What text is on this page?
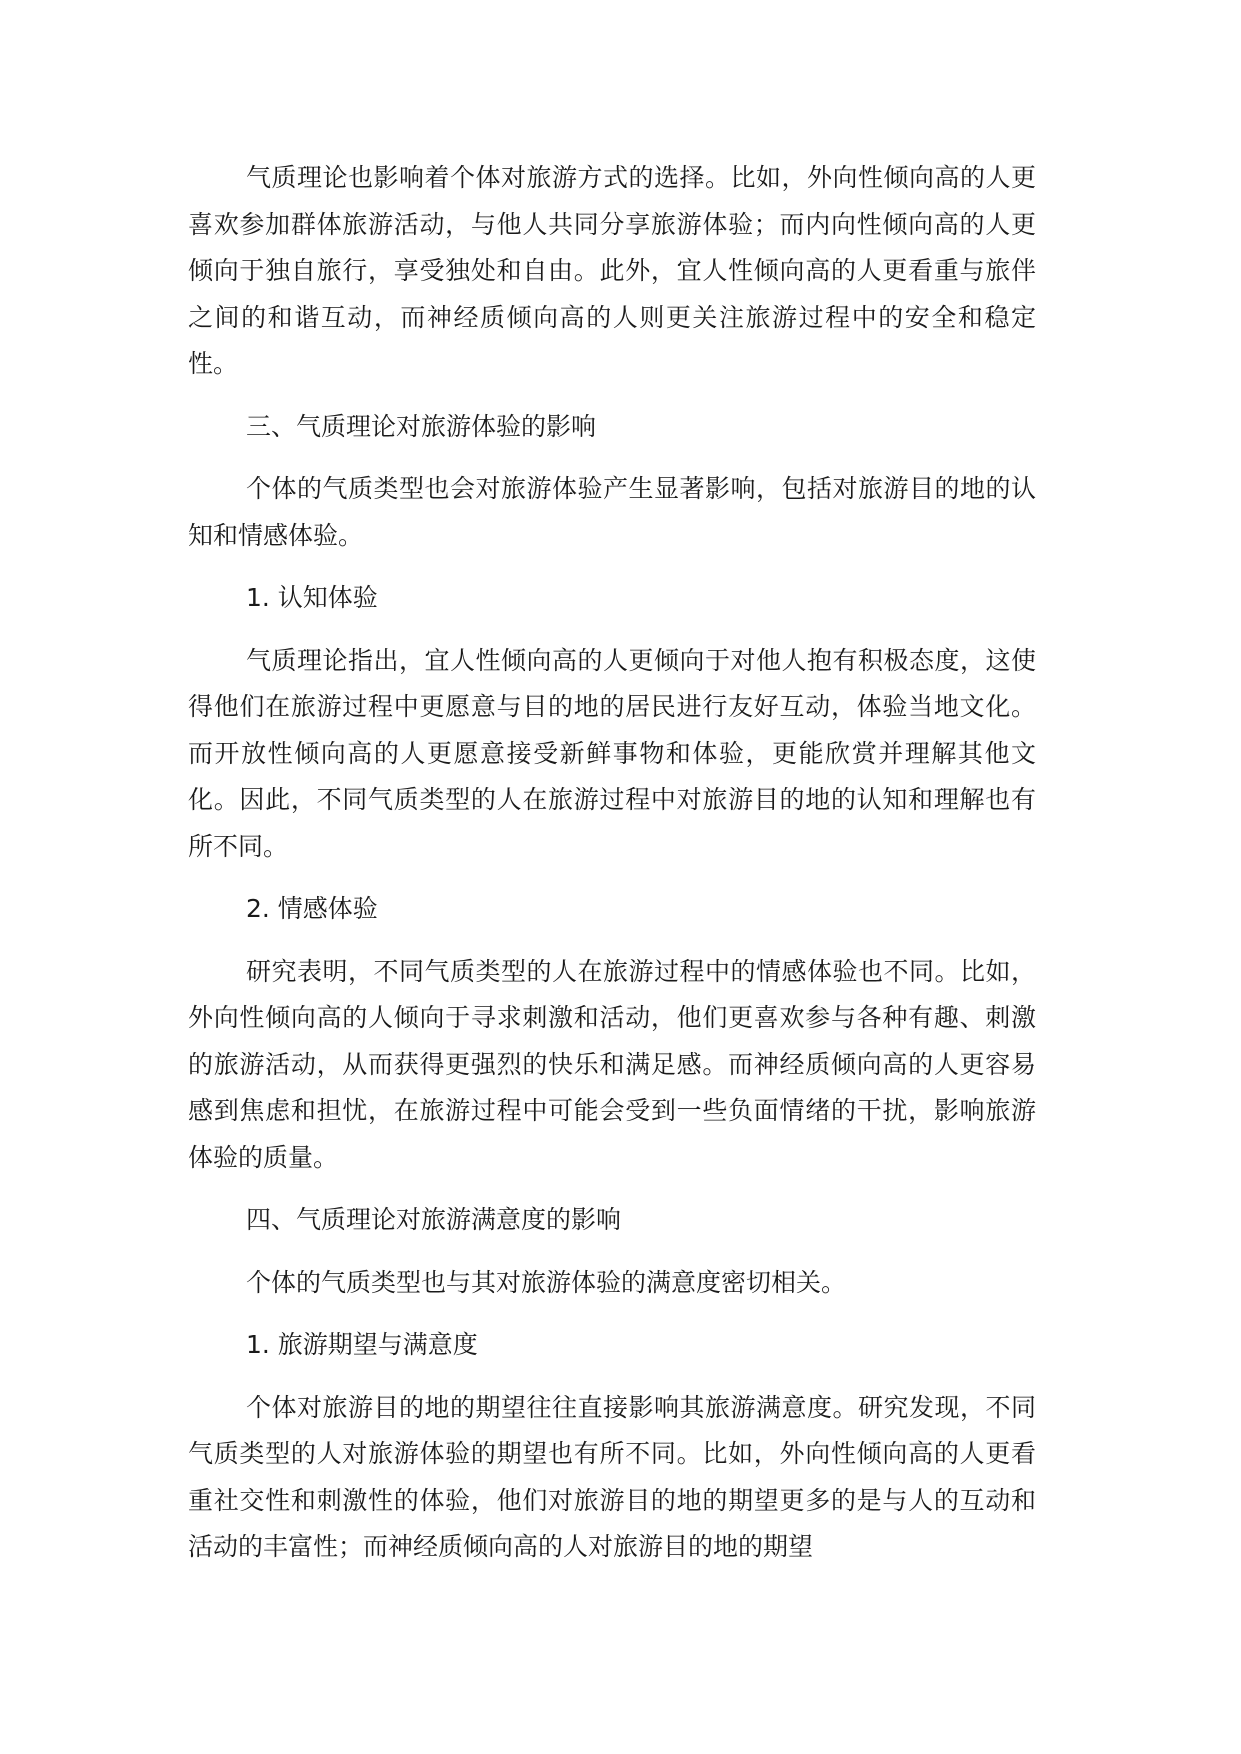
气质理论也影响着个体对旅游方式的选择。比如，外向性倾向高的人更喜欢参加群体旅游活动，与他人共同分享旅游体验；而内向性倾向高的人更倾向于独自旅行，享受独处和自由。此外，宜人性倾向高的人更看重与旅伴之间的和谐互动，而神经质倾向高的人则更关注旅游过程中的安全和稳定性。

三、气质理论对旅游体验的影响

个体的气质类型也会对旅游体验产生显著影响，包括对旅游目的地的认知和情感体验。

1. 认知体验

气质理论指出，宜人性倾向高的人更倾向于对他人抱有积极态度，这使得他们在旅游过程中更愿意与目的地的居民进行友好互动，体验当地文化。而开放性倾向高的人更愿意接受新鲜事物和体验，更能欣赏并理解其他文化。因此，不同气质类型的人在旅游过程中对旅游目的地的认知和理解也有所不同。

2. 情感体验

研究表明，不同气质类型的人在旅游过程中的情感体验也不同。比如，外向性倾向高的人倾向于寻求刺激和活动，他们更喜欢参与各种有趣、刺激的旅游活动，从而获得更强烈的快乐和满足感。而神经质倾向高的人更容易感到焦虑和担忧，在旅游过程中可能会受到一些负面情绪的干扰，影响旅游体验的质量。

四、气质理论对旅游满意度的影响

个体的气质类型也与其对旅游体验的满意度密切相关。

1. 旅游期望与满意度

个体对旅游目的地的期望往往直接影响其旅游满意度。研究发现，不同气质类型的人对旅游体验的期望也有所不同。比如，外向性倾向高的人更看重社交性和刺激性的体验，他们对旅游目的地的期望更多的是与人的互动和活动的丰富性；而神经质倾向高的人对旅游目的地的期望
